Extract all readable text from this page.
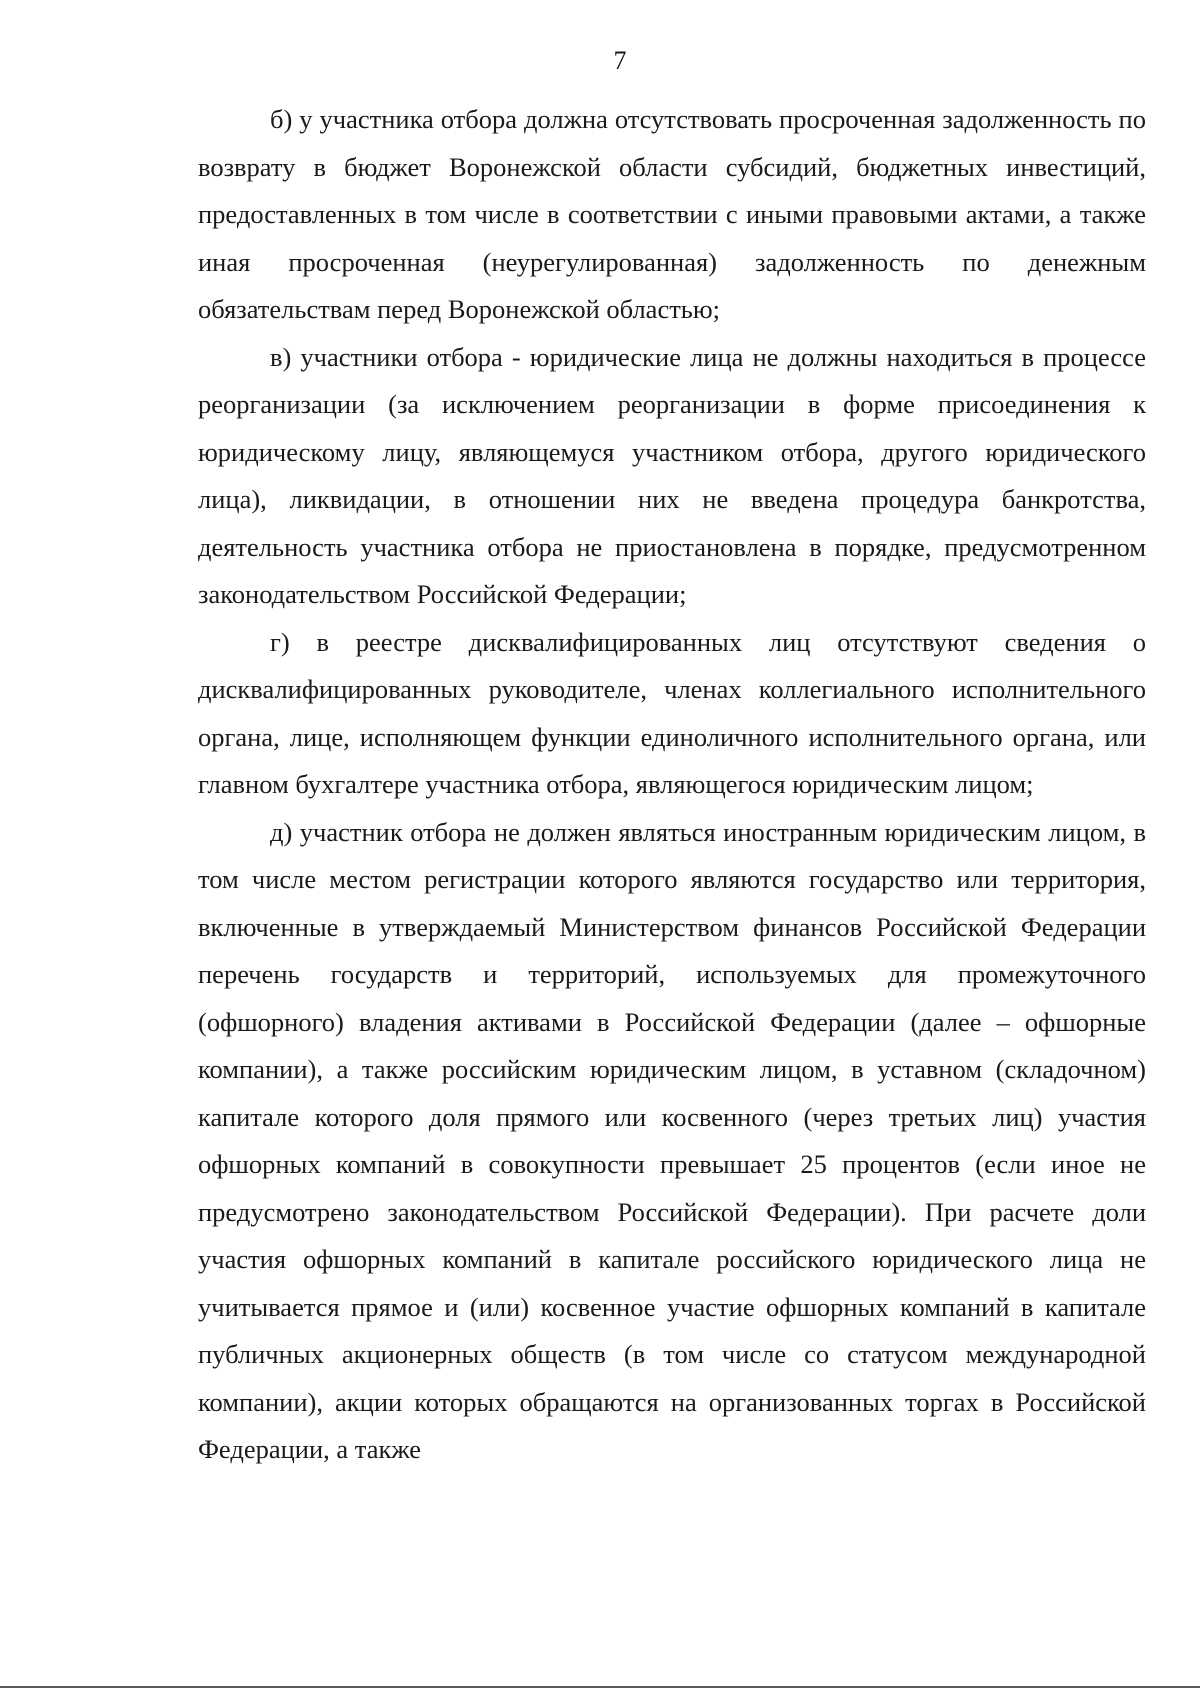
7

б) у участника отбора должна отсутствовать просроченная задолженность по возврату в бюджет Воронежской области субсидий, бюджетных инвестиций, предоставленных в том числе в соответствии с иными правовыми актами, а также иная просроченная (неурегулированная) задолженность по денежным обязательствам перед Воронежской областью;

в) участники отбора - юридические лица не должны находиться в процессе реорганизации (за исключением реорганизации в форме присоединения к юридическому лицу, являющемуся участником отбора, другого юридического лица), ликвидации, в отношении них не введена процедура банкротства, деятельность участника отбора не приостановлена в порядке, предусмотренном законодательством Российской Федерации;

г) в реестре дисквалифицированных лиц отсутствуют сведения о дисквалифицированных руководителе, членах коллегиального исполнительного органа, лице, исполняющем функции единоличного исполнительного органа, или главном бухгалтере участника отбора, являющегося юридическим лицом;

д) участник отбора не должен являться иностранным юридическим лицом, в том числе местом регистрации которого являются государство или территория, включенные в утверждаемый Министерством финансов Российской Федерации перечень государств и территорий, используемых для промежуточного (офшорного) владения активами в Российской Федерации (далее – офшорные компании), а также российским юридическим лицом, в уставном (складочном) капитале которого доля прямого или косвенного (через третьих лиц) участия офшорных компаний в совокупности превышает 25 процентов (если иное не предусмотрено законодательством Российской Федерации). При расчете доли участия офшорных компаний в капитале российского юридического лица не учитывается прямое и (или) косвенное участие офшорных компаний в капитале публичных акционерных обществ (в том числе со статусом международной компании), акции которых обращаются на организованных торгах в Российской Федерации, а также
